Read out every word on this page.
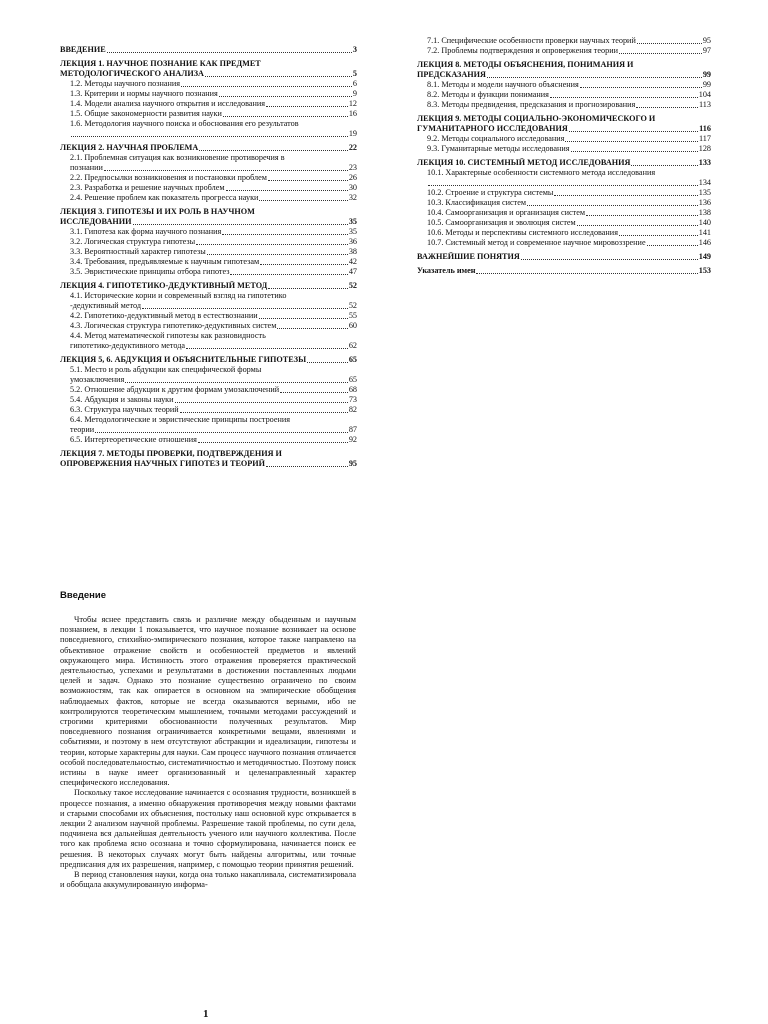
ВВЕДЕНИЕ	3
ЛЕКЦИЯ 1. НАУЧНОЕ ПОЗНАНИЕ КАК ПРЕДМЕТ
МЕТОДОЛОГИЧЕСКОГО АНАЛИЗА	5
1.2. Методы научного познания	6
1.3. Критерии и нормы научного познания	9
1.4. Модели анализа научного открытия и исследования	12
1.5. Общие закономерности развития науки	16
1.6. Методология научного поиска и обоснования его результатов
19
ЛЕКЦИЯ 2. НАУЧНАЯ ПРОБЛЕМА	22
2.1. Проблемная ситуация как возникновение противоречия в
познании	23
2.2. Предпосылки возникновения и постановки проблем	26
2.3. Разработка и решение научных проблем	30
2.4. Решение проблем как показатель прогресса науки	32
ЛЕКЦИЯ 3. ГИПОТЕЗЫ И ИХ РОЛЬ В НАУЧНОМ
ИССЛЕДОВАНИИ	35
3.1. Гипотеза как форма научного познания	35
3.2. Логическая структура гипотезы	36
3.3. Вероятностный характер гипотезы	38
3.4. Требования, предъявляемые к научным гипотезам	42
3.5. Эвристические принципы отбора гипотез	47
ЛЕКЦИЯ 4. ГИПОТЕТИКО-ДЕДУКТИВНЫЙ МЕТОД	52
4.1. Исторические корни и современный взгляд на гипотетико
-дедуктивный метод	52
4.2. Гипотетико-дедуктивный метод в естествознании	55
4.3. Логическая структура гипотетико-дедуктивных систем	60
4.4. Метод математической гипотезы как разновидность
гипотетико-дедуктивного метода	62
ЛЕКЦИЯ 5, 6. АБДУКЦИЯ И ОБЪЯСНИТЕЛЬНЫЕ ГИПОТЕЗЫ	65
5.1. Место и роль абдукции как специфической формы
умозаключения	65
5.2. Отношение абдукции к другим формам умозаключений	68
5.4. Абдукция и законы науки	73
6.3. Структура научных теорий	82
6.4. Методологические и эвристические принципы построения
теории	87
6.5. Интертеоретические отношения	92
ЛЕКЦИЯ 7. МЕТОДЫ ПРОВЕРКИ, ПОДТВЕРЖДЕНИЯ И
ОПРОВЕРЖЕНИЯ НАУЧНЫХ ГИПОТЕЗ И ТЕОРИЙ	95
7.1. Специфические особенности проверки научных теорий	95
7.2. Проблемы подтверждения и опровержения теории	97
ЛЕКЦИЯ 8. МЕТОДЫ ОБЪЯСНЕНИЯ, ПОНИМАНИЯ И
ПРЕДСКАЗАНИЯ	99
8.1. Методы и модели научного объяснения	99
8.2. Методы и функции понимания	104
8.3. Методы предвидения, предсказания и прогнозирования	113
ЛЕКЦИЯ 9. МЕТОДЫ СОЦИАЛЬНО-ЭКОНОМИЧЕСКОГО И
ГУМАНИТАРНОГО ИССЛЕДОВАНИЯ	116
9.2. Методы социального исследования	117
9.3. Гуманитарные методы исследования	128
ЛЕКЦИЯ 10. СИСТЕМНЫЙ МЕТОД ИССЛЕДОВАНИЯ	133
10.1. Характерные особенности системного метода исследования
134
10.2. Строение и структура системы	135
10.3. Классификация систем	136
10.4. Самоорганизация и организация систем	138
10.5. Самоорганизация и эволюция систем	140
10.6. Методы и перспективы системного исследования	141
10.7. Системный метод и современное научное мировоззрение	146
ВАЖНЕЙШИЕ ПОНЯТИЯ	149
Указатель имен	153
Введение

Чтобы яснее представить связь и различие между обыденным и научным познанием, в лекции 1 показывается, что научное познание возникает на основе повседневного, стихийно-эмпирического познания, которое также направлено на объективное отражение свойств и особенностей предметов и явлений окружающего мира. Истинность этого отражения проверяется практической деятельностью, успехами и результатами в достижении поставленных людьми целей и задач. Однако это познание существенно ограничено по своим возможностям, так как опирается в основном на эмпирические обобщения наблюдаемых фактов, которые не всегда оказываются верными, ибо не контролируются теоретическим мышлением, точными методами рассуждений и строгими критериями обоснованности полученных результатов. Мир повседневного познания ограничивается конкретными вещами, явлениями и событиями, и поэтому в нем отсутствуют абстракции и идеализации, гипотезы и теории, которые характерны для науки. Сам процесс научного познания отличается особой последовательностью, систематичностью и методичностью. Поэтому поиск истины в науке имеет организованный и целенаправленный характер специфического исследования.

Поскольку такое исследование начинается с осознания трудности, возникшей в процессе познания, а именно обнаружения противоречия между новыми фактами и старыми способами их объяснения, постольку наш основной курс открывается в лекции 2 анализом научной проблемы. Разрешение такой проблемы, по сути дела, подчинена вся дальнейшая деятельность ученого или научного коллектива. После того как проблема ясно осознана и точно сформулирована, начинается поиск ее решения. В некоторых случаях могут быть найдены алгоритмы, или точные предписания для их разрешения, например, с помощью теории принятия решений.

В период становления науки, когда она только накапливала, систематизировала и обобщала аккумулированную информа-

1
